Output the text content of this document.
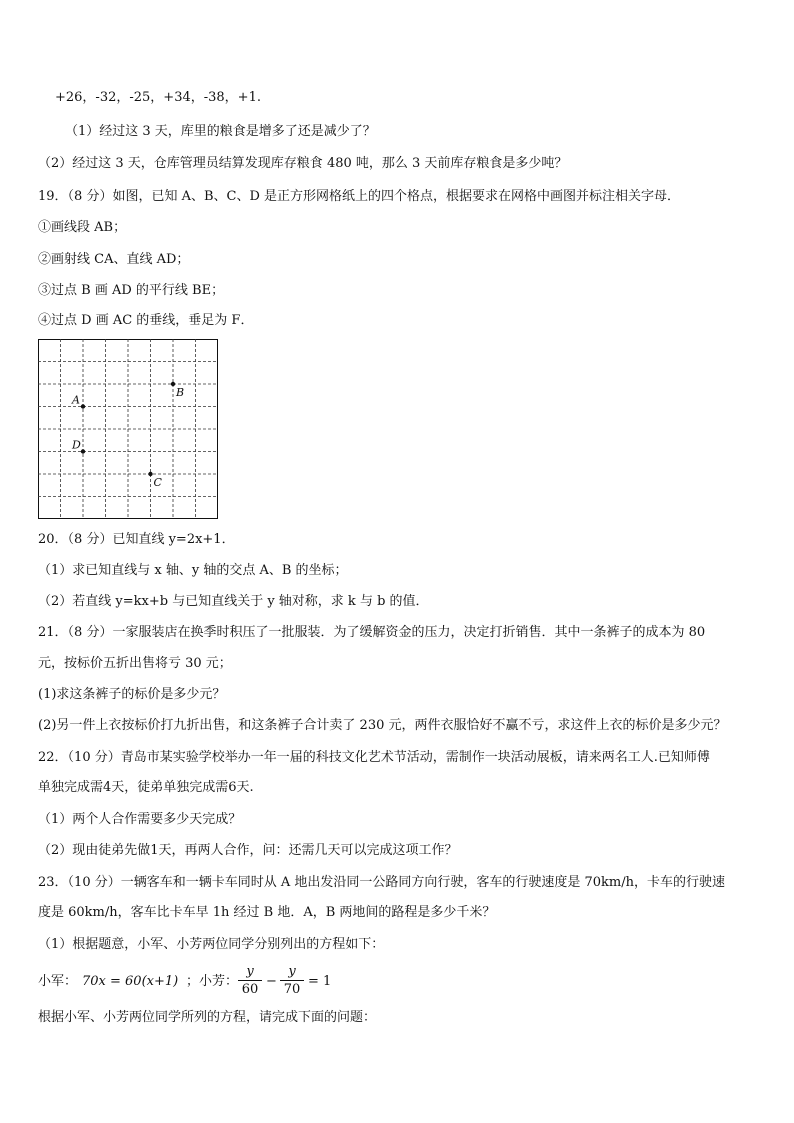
+26，-32，-25，+34，-38，+1.
（1）经过这 3 天，库里的粮食是增多了还是减少了？
（2）经过这 3 天，仓库管理员结算发现库存粮食 480 吨，那么 3 天前库存粮食是多少吨？
19．（8 分）如图，已知 A、B、C、D 是正方形网格纸上的四个格点，根据要求在网格中画图并标注相关字母．
①画线段 AB；
②画射线 CA、直线 AD；
③过点 B 画 AD 的平行线 BE；
④过点 D 画 AC 的垂线，垂足为 F．
A
B
D
C
20．（8 分）已知直线 y=2x+1．
（1）求已知直线与 x 轴、y 轴的交点 A、B 的坐标；
（2）若直线 y=kx+b 与已知直线关于 y 轴对称，求 k 与 b 的值．
21．（8 分）一家服装店在换季时积压了一批服装．为了缓解资金的压力，决定打折销售．其中一条裤子的成本为 80
元，按标价五折出售将亏 30 元；
(1)求这条裤子的标价是多少元？
(2)另一件上衣按标价打九折出售，和这条裤子合计卖了 230 元，两件衣服恰好不赢不亏，求这件上衣的标价是多少元？
22．（10 分）青岛市某实验学校举办一年一届的科技文化艺术节活动，需制作一块活动展板，请来两名工人.已知师傅
单独完成需4天，徒弟单独完成需6天.
（1）两个人合作需要多少天完成？
（2）现由徒弟先做1天，再两人合作，问：还需几天可以完成这项工作？
23．（10 分）一辆客车和一辆卡车同时从 A 地出发沿同一公路同方向行驶，客车的行驶速度是 70km/h，卡车的行驶速
度是 60km/h，客车比卡车早 1h 经过 B 地．A，B 两地间的路程是多少千米？
（1）根据题意，小军、小芳两位同学分别列出的方程如下：
小军： 70x = 60(x+1) ；小芳：
y
60
−
y
70
= 1
根据小军、小芳两位同学所列的方程，请完成下面的问题：
